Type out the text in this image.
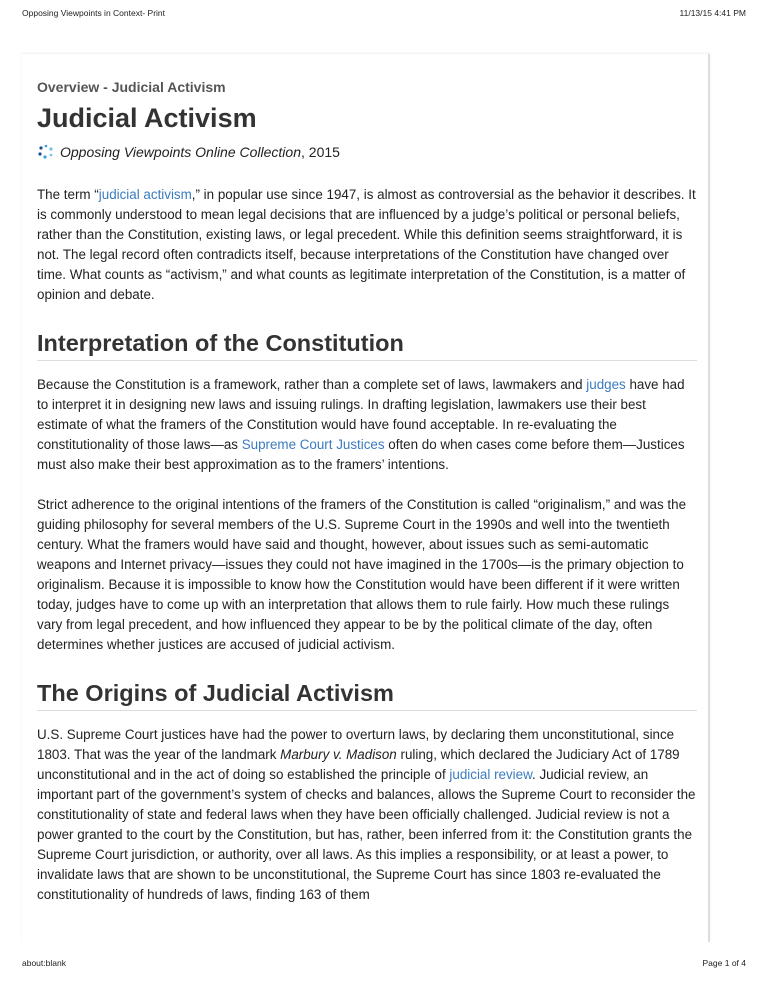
Opposing Viewpoints in Context- Print	11/13/15 4:41 PM
Overview - Judicial Activism
Judicial Activism
Opposing Viewpoints Online Collection, 2015

The term “judicial activism,” in popular use since 1947, is almost as controversial as the behavior it describes. It is commonly understood to mean legal decisions that are influenced by a judge’s political or personal beliefs, rather than the Constitution, existing laws, or legal precedent. While this definition seems straightforward, it is not. The legal record often contradicts itself, because interpretations of the Constitution have changed over time. What counts as “activism,” and what counts as legitimate interpretation of the Constitution, is a matter of opinion and debate.

Interpretation of the Constitution

Because the Constitution is a framework, rather than a complete set of laws, lawmakers and judges have had to interpret it in designing new laws and issuing rulings. In drafting legislation, lawmakers use their best estimate of what the framers of the Constitution would have found acceptable. In re-evaluating the constitutionality of those laws—as Supreme Court Justices often do when cases come before them—Justices must also make their best approximation as to the framers’ intentions.

Strict adherence to the original intentions of the framers of the Constitution is called “originalism,” and was the guiding philosophy for several members of the U.S. Supreme Court in the 1990s and well into the twentieth century. What the framers would have said and thought, however, about issues such as semi-automatic weapons and Internet privacy—issues they could not have imagined in the 1700s—is the primary objection to originalism. Because it is impossible to know how the Constitution would have been different if it were written today, judges have to come up with an interpretation that allows them to rule fairly. How much these rulings vary from legal precedent, and how influenced they appear to be by the political climate of the day, often determines whether justices are accused of judicial activism.

The Origins of Judicial Activism

U.S. Supreme Court justices have had the power to overturn laws, by declaring them unconstitutional, since 1803. That was the year of the landmark Marbury v. Madison ruling, which declared the Judiciary Act of 1789 unconstitutional and in the act of doing so established the principle of judicial review. Judicial review, an important part of the government’s system of checks and balances, allows the Supreme Court to reconsider the constitutionality of state and federal laws when they have been officially challenged. Judicial review is not a power granted to the court by the Constitution, but has, rather, been inferred from it: the Constitution grants the Supreme Court jurisdiction, or authority, over all laws. As this implies a responsibility, or at least a power, to invalidate laws that are shown to be unconstitutional, the Supreme Court has since 1803 re-evaluated the constitutionality of hundreds of laws, finding 163 of them

about:blank	Page 1 of 4
